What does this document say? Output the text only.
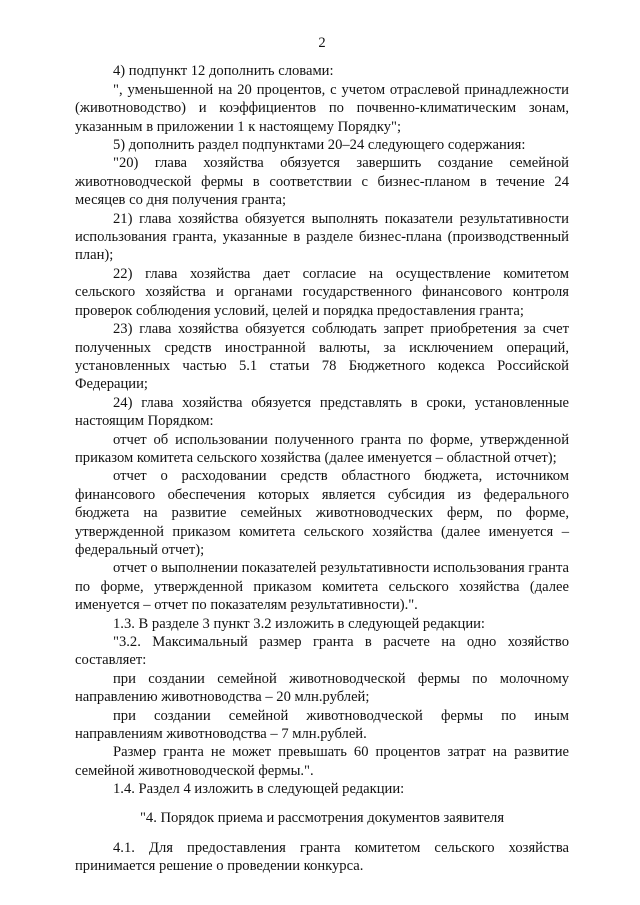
2

4) подпункт 12 дополнить словами:

", уменьшенной на 20 процентов, с учетом отраслевой принадлежности (животноводство) и коэффициентов по почвенно-климатическим зонам, указанным в приложении 1 к настоящему Порядку";

5) дополнить раздел подпунктами 20–24 следующего содержания:

"20) глава хозяйства обязуется завершить создание семейной животноводческой фермы в соответствии с бизнес-планом в течение 24 месяцев со дня получения гранта;

21) глава хозяйства обязуется выполнять показатели результативности использования гранта, указанные в разделе бизнес-плана (производственный план);

22) глава хозяйства дает согласие на осуществление комитетом сельского хозяйства и органами государственного финансового контроля проверок соблюдения условий, целей и порядка предоставления гранта;

23) глава хозяйства обязуется соблюдать запрет приобретения за счет полученных средств иностранной валюты, за исключением операций, установленных частью 5.1 статьи 78 Бюджетного кодекса Российской Федерации;

24) глава хозяйства обязуется представлять в сроки, установленные настоящим Порядком:

отчет об использовании полученного гранта по форме, утвержденной приказом комитета сельского хозяйства (далее именуется – областной отчет);

отчет о расходовании средств областного бюджета, источником финансового обеспечения которых является субсидия из федерального бюджета на развитие семейных животноводческих ферм, по форме, утвержденной приказом комитета сельского хозяйства (далее именуется – федеральный отчет);

отчет о выполнении показателей результативности использования гранта по форме, утвержденной приказом комитета сельского хозяйства (далее именуется – отчет по показателям результативности).".

1.3. В разделе 3 пункт 3.2 изложить в следующей редакции:

"3.2. Максимальный размер гранта в расчете на одно хозяйство составляет:

при создании семейной животноводческой фермы по молочному направлению животноводства – 20 млн.рублей;

при создании семейной животноводческой фермы по иным направлениям животноводства – 7 млн.рублей.

Размер гранта не может превышать 60 процентов затрат на развитие семейной животноводческой фермы.".

1.4. Раздел 4 изложить в следующей редакции:

"4. Порядок приема и рассмотрения документов заявителя

4.1. Для предоставления гранта комитетом сельского хозяйства принимается решение о проведении конкурса.
